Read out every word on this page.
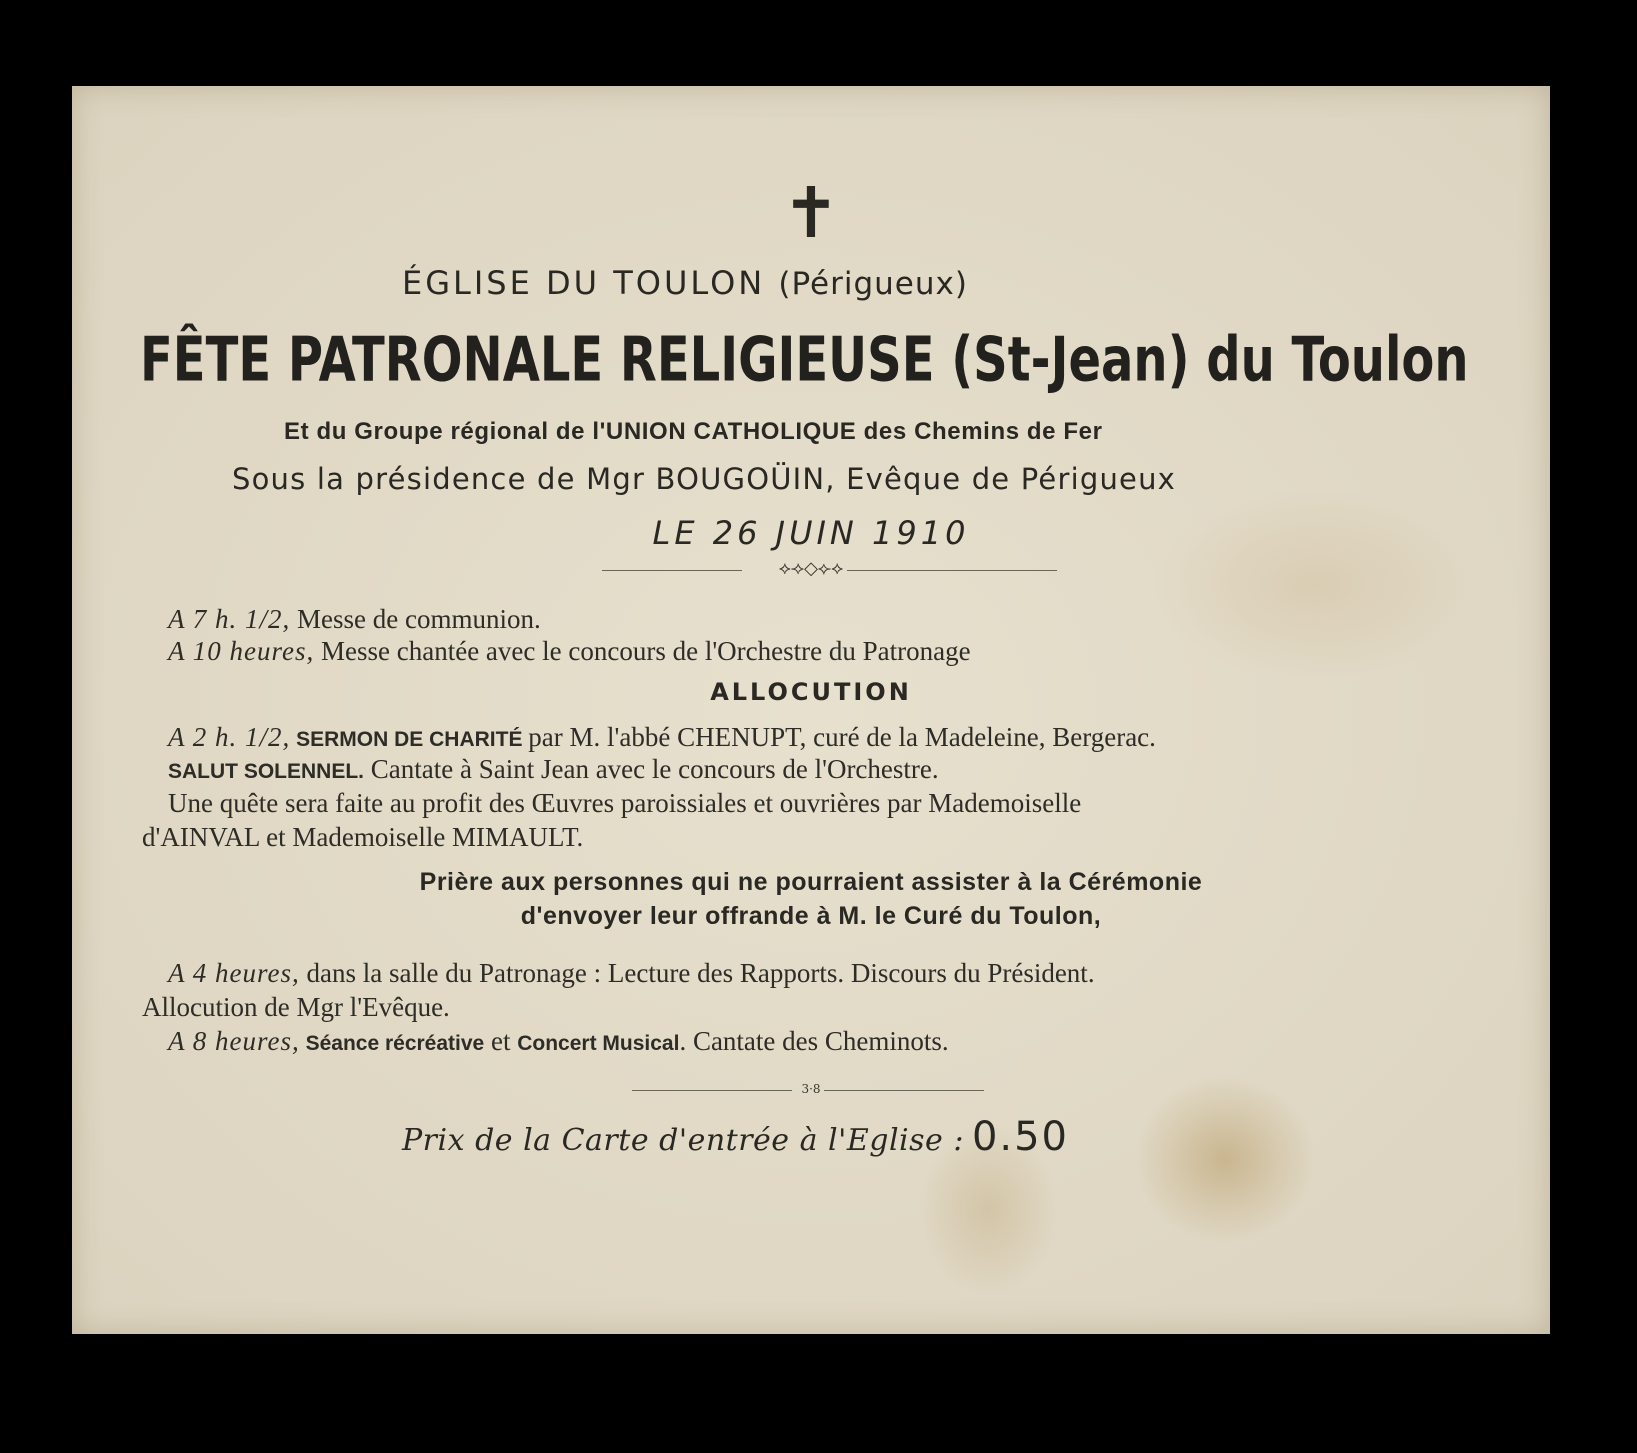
✝
ÉGLISE DU TOULON (Périgueux)
FÊTE PATRONALE RELIGIEUSE (St-Jean) du Toulon
Et du Groupe régional de l'UNION CATHOLIQUE des Chemins de Fer
Sous la présidence de Mgr BOUGOÜIN, Evêque de Périgueux
LE 26 JUIN 1910
⟡⟢◇⟣⟡
A 7 h. 1/2, Messe de communion.
A 10 heures, Messe chantée avec le concours de l'Orchestre du Patronage
ALLOCUTION
A 2 h. 1/2, SERMON DE CHARITÉ par M. l'abbé CHENUPT, curé de la Madeleine, Bergerac.
SALUT SOLENNEL. Cantate à Saint Jean avec le concours de l'Orchestre.
Une quête sera faite au profit des Œuvres paroissiales et ouvrières par Mademoiselle
d'AINVAL et Mademoiselle MIMAULT.
Prière aux personnes qui ne pourraient assister à la Cérémonie
d'envoyer leur offrande à M. le Curé du Toulon,
A 4 heures, dans la salle du Patronage : Lecture des Rapports. Discours du Président.
Allocution de Mgr l'Evêque.
A 8 heures, Séance récréative et Concert Musical. Cantate des Cheminots.
3·8
Prix de la Carte d'entrée à l'Eglise : 0.50
